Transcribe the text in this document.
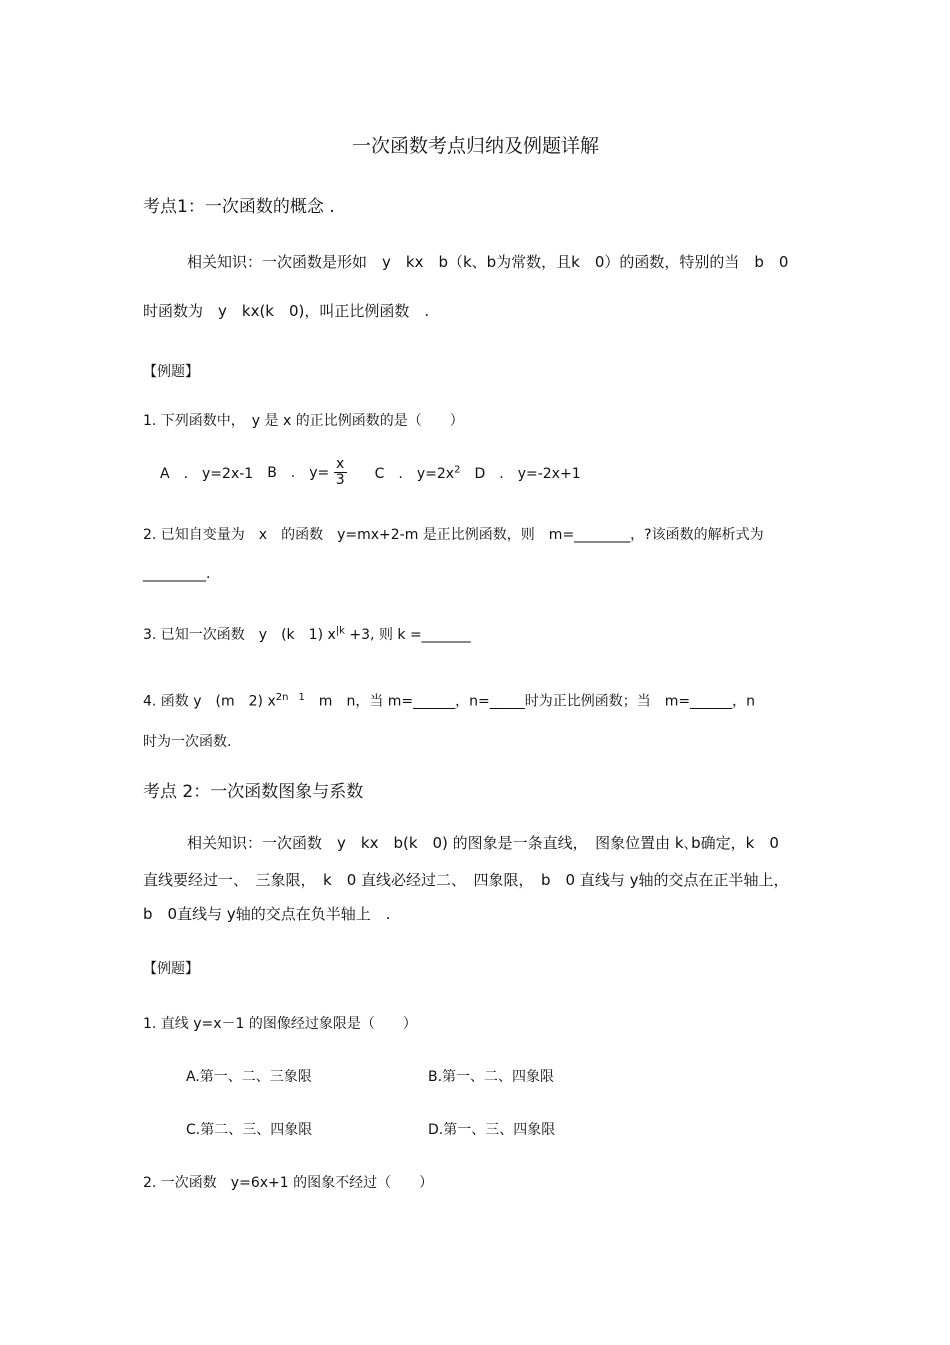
一次函数考点归纳及例题详解
考点1：一次函数的概念 .
相关知识：一次函数是形如　y　kx　b（k、b为常数，且k　0）的函数，特别的当　b　0
时函数为　y　kx(k　0)，叫正比例函数　.
【例题】
1. 下列函数中，　y 是 x 的正比例函数的是（　　）
A　.　y=2x-1 B　.　$y= \frac{x}{3}$ C　.　$y=2x^2$ D　.　y=-2x+1
2. 已知自变量为　x　的函数　y=mx+2-m 是正比例函数，则　m=________，?该函数的解析式为
_________.
3. 已知一次函数　y　(k　1) $x^{|k} +3$, 则 k =_______
4. 函数 y　(m　2) $x^{2n 1}$　m　n，当 m=______，n=_____时为正比例函数；当　m=______，n
时为一次函数.
考点 2：一次函数图象与系数
相关知识：一次函数　y　kx　b(k　0) 的图象是一条直线，　图象位置由 k､b确定，k　0
直线要经过一、　三象限，　k　0 直线必经过二、　四象限，　b　0 直线与 y轴的交点在正半轴上，
b　0直线与 y轴的交点在负半轴上　.
【例题】
1. 直线 y=x－1 的图像经过象限是（　　）
A.第一、二、三象限	B.第一、二、四象限
C.第二、三、四象限	D.第一、三、四象限
2. 一次函数　y=6x+1 的图象不经过（　　）
